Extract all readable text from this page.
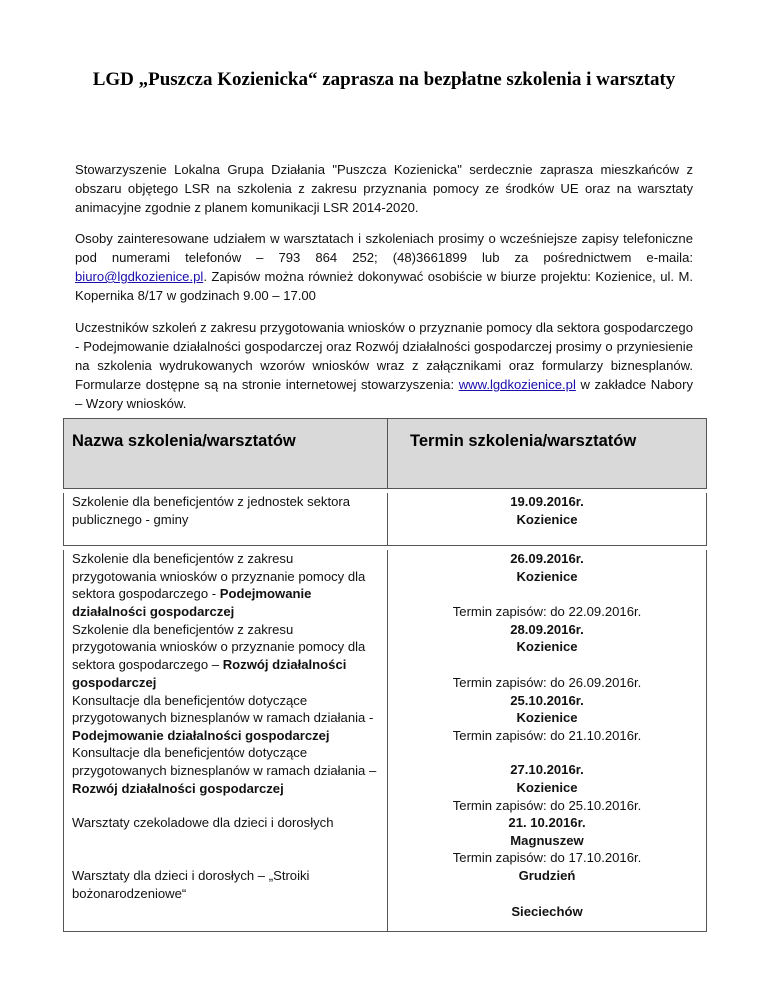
LGD „Puszcza Kozienicka“ zaprasza na bezpłatne szkolenia i warsztaty
Stowarzyszenie Lokalna Grupa Działania "Puszcza Kozienicka" serdecznie zaprasza mieszkańców z obszaru objętego LSR na szkolenia z zakresu przyznania pomocy ze środków UE oraz na warsztaty animacyjne zgodnie z planem komunikacji LSR 2014-2020.
Osoby zainteresowane udziałem w warsztatach i szkoleniach prosimy o wcześniejsze zapisy telefoniczne pod numerami telefonów – 793 864 252; (48)3661899 lub za pośrednictwem e-maila: biuro@lgdkozienice.pl. Zapisów można również dokonywać osobiście w biurze projektu: Kozienice, ul. M. Kopernika 8/17 w godzinach 9.00 – 17.00
Uczestników szkoleń z zakresu przygotowania wniosków o przyznanie pomocy dla sektora gospodarczego - Podejmowanie działalności gospodarczej oraz Rozwój działalności gospodarczej prosimy o przyniesienie na szkolenia wydrukowanych wzorów wniosków wraz z załącznikami oraz formularzy biznesplanów. Formularze dostępne są na stronie internetowej stowarzyszenia: www.lgdkozienice.pl w zakładce Nabory – Wzory wniosków.
Nazwa szkolenia/warsztatów	Termin szkolenia/warsztatów

Szkolenie dla beneficjentów z jednostek sektora publicznego - gminy	19.09.2016r.
Kozienice

Szkolenie dla beneficjentów z zakresu przygotowania wniosków o przyznanie pomocy dla sektora gospodarczego - Podejmowanie działalności gospodarczej	26.09.2016r.
Kozienice
Termin zapisów: do 22.09.2016r.

Szkolenie dla beneficjentów z zakresu przygotowania wniosków o przyznanie pomocy dla sektora gospodarczego – Rozwój działalności gospodarczej	28.09.2016r.
Kozienice
Termin zapisów: do 26.09.2016r.

Konsultacje dla beneficjentów dotyczące przygotowanych biznesplanów w ramach działania - Podejmowanie działalności gospodarczej	25.10.2016r.
Kozienice
Termin zapisów: do 21.10.2016r.

Konsultacje dla beneficjentów dotyczące przygotowanych biznesplanów w ramach działania – Rozwój działalności gospodarczej	27.10.2016r.
Kozienice
Termin zapisów: do 25.10.2016r.

Warsztaty czekoladowe dla dzieci i dorosłych	21. 10.2016r.
Magnuszew
Termin zapisów: do 17.10.2016r.

Warsztaty dla dzieci i dorosłych – „Stroiki bożonarodzeniowe“	Grudzień
Sieciechów
